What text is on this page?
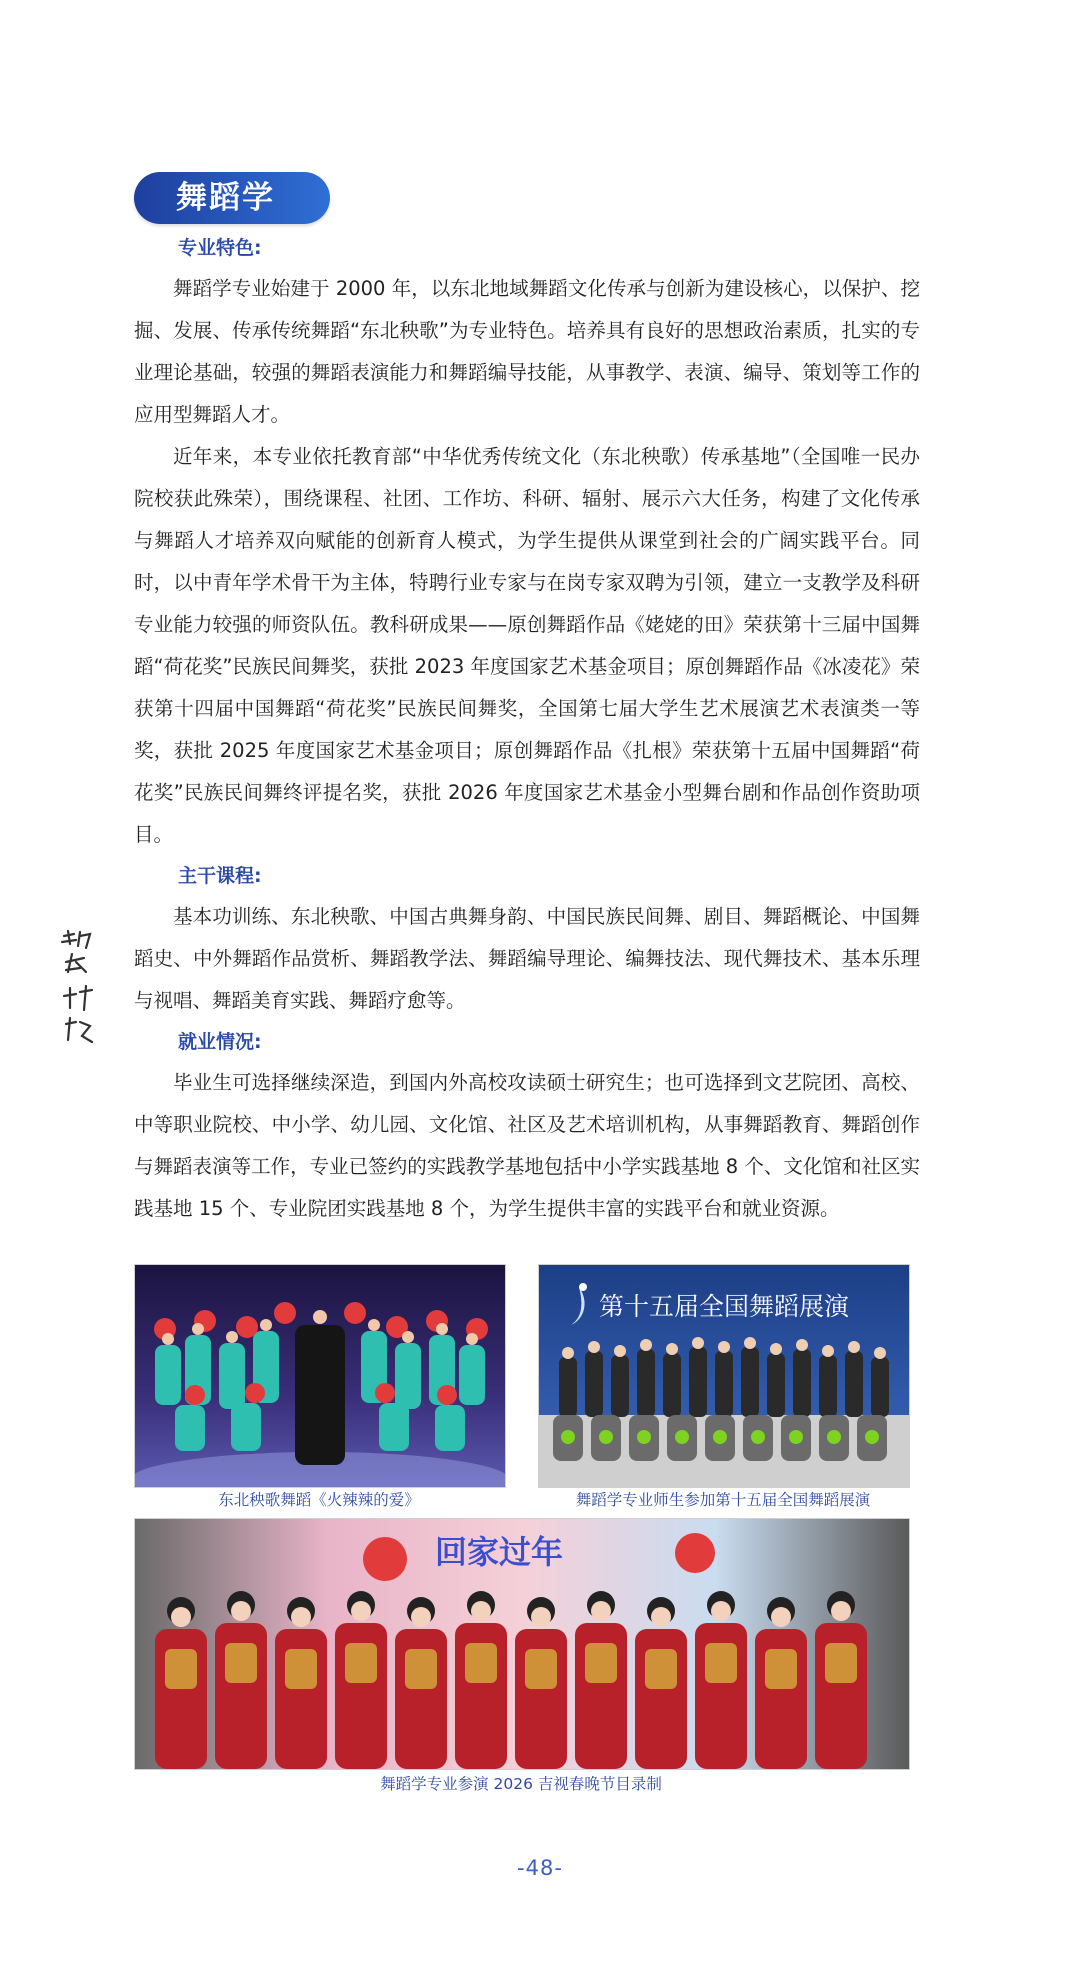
舞蹈学
专业特色:

舞蹈学专业始建于 2000 年，以东北地域舞蹈文化传承与创新为建设核心，以保护、挖掘、发展、传承传统舞蹈“东北秧歌”为专业特色。培养具有良好的思想政治素质，扎实的专业理论基础，较强的舞蹈表演能力和舞蹈编导技能，从事教学、表演、编导、策划等工作的应用型舞蹈人才。

近年来，本专业依托教育部“中华优秀传统文化（东北秧歌）传承基地”（全国唯一民办院校获此殊荣），围绕课程、社团、工作坊、科研、辐射、展示六大任务，构建了文化传承与舞蹈人才培养双向赋能的创新育人模式，为学生提供从课堂到社会的广阔实践平台。同时，以中青年学术骨干为主体，特聘行业专家与在岗专家双聘为引领，建立一支教学及科研专业能力较强的师资队伍。教科研成果——原创舞蹈作品《姥姥的田》荣获第十三届中国舞蹈“荷花奖”民族民间舞奖，获批 2023 年度国家艺术基金项目；原创舞蹈作品《冰凌花》荣获第十四届中国舞蹈“荷花奖”民族民间舞奖，全国第七届大学生艺术展演艺术表演类一等奖，获批 2025 年度国家艺术基金项目；原创舞蹈作品《扎根》荣获第十五届中国舞蹈“荷花奖”民族民间舞终评提名奖，获批 2026 年度国家艺术基金小型舞台剧和作品创作资助项目。

主干课程:

基本功训练、东北秧歌、中国古典舞身韵、中国民族民间舞、剧目、舞蹈概论、中国舞蹈史、中外舞蹈作品赏析、舞蹈教学法、舞蹈编导理论、编舞技法、现代舞技术、基本乐理与视唱、舞蹈美育实践、舞蹈疗愈等。

就业情况:

毕业生可选择继续深造，到国内外高校攻读硕士研究生；也可选择到文艺院团、高校、中等职业院校、中小学、幼儿园、文化馆、社区及艺术培训机构，从事舞蹈教育、舞蹈创作与舞蹈表演等工作，专业已签约的实践教学基地包括中小学实践基地 8 个、文化馆和社区实践基地 15 个、专业院团实践基地 8 个，为学生提供丰富的实践平台和就业资源。

东北秧歌舞蹈《火辣辣的爱》
第十五届全国舞蹈展演
舞蹈学专业师生参加第十五届全国舞蹈展演
回家过年
舞蹈学专业参演 2026 吉视春晚节目录制
-48-
